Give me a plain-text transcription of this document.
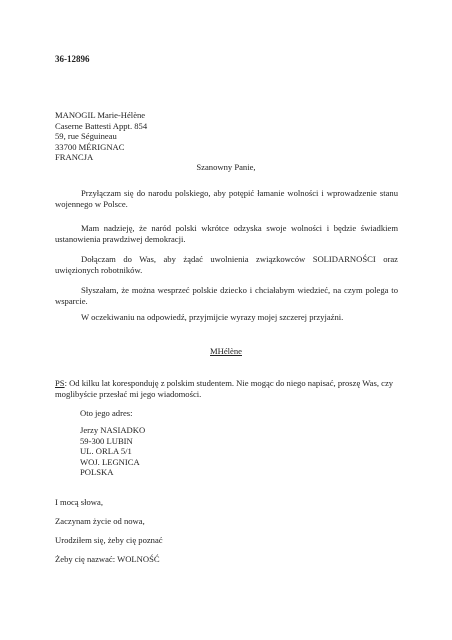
36-12896
MANOGIL Marie-Hélène
Caserne Battesti Appt. 854
59, rue Séguineau
33700 MÉRIGNAC
FRANCJA
Szanowny Panie,

Przyłączam się do narodu polskiego, aby potępić łamanie wolności i wprowadzenie stanu wojennego w Polsce.

Mam nadzieję, że naród polski wkrótce odzyska swoje wolności i będzie świadkiem ustanowienia prawdziwej demokracji.

Dołączam do Was, aby żądać uwolnienia związkowców SOLIDARNOŚCI oraz uwięzionych robotników.

Słyszałam, że można wesprzeć polskie dziecko i chciałabym wiedzieć, na czym polega to wsparcie.

W oczekiwaniu na odpowiedź, przyjmijcie wyrazy mojej szczerej przyjaźni.

MHélène

PS: Od kilku lat koresponduję z polskim studentem. Nie mogąc do niego napisać, proszę Was, czy moglibyście przesłać mi jego wiadomości.

Oto jego adres:
Jerzy NASIADKO
59-300 LUBIN
UL. ORLA 5/1
WOJ. LEGNICA
POLSKA
I mocą słowa,
Zaczynam życie od nowa,
Urodziłem się, żeby cię poznać
Żeby cię nazwać: WOLNOŚĆ
